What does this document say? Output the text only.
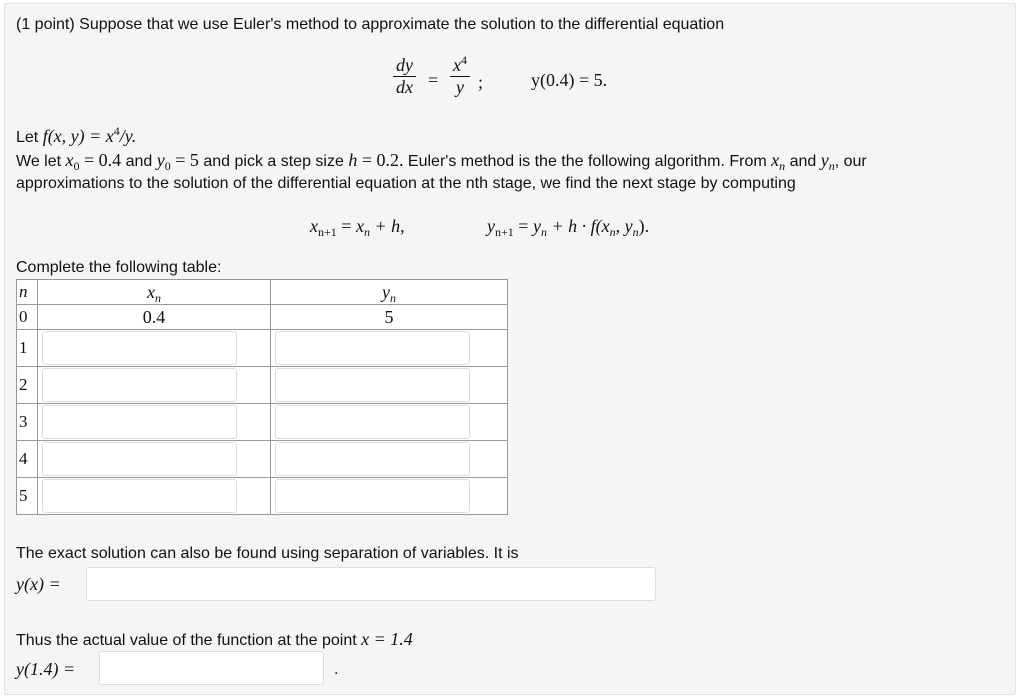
(1 point) Suppose that we use Euler's method to approximate the solution to the differential equation
$\frac{dy}{dx} = \frac{x^4}{y}$ ;	y(0.4) = 5.
Let f(x, $y) = x^4/y$.
We let $x_0 = 0.4$ and $y_0 = 5$ and pick a step size h = 0.2. Euler's method is the the following algorithm. From $x_n$ and $y_n$, our
approximations to the solution of the differential equation at the nth stage, we find the next stage by computing
$x_{n+1} = x_n + h$,	$y_{n+1} = y_n + h \cdot f(x_n$, $y_n$).
Complete the following table:
n	$x_n$	$y_n$
0	0.4	5
1	

2	

3	

4	

5	

The exact solution can also be found using separation of variables. It is
y(x) =
Thus the actual value of the function at the point x = 1.4
y(1.4) =	.
